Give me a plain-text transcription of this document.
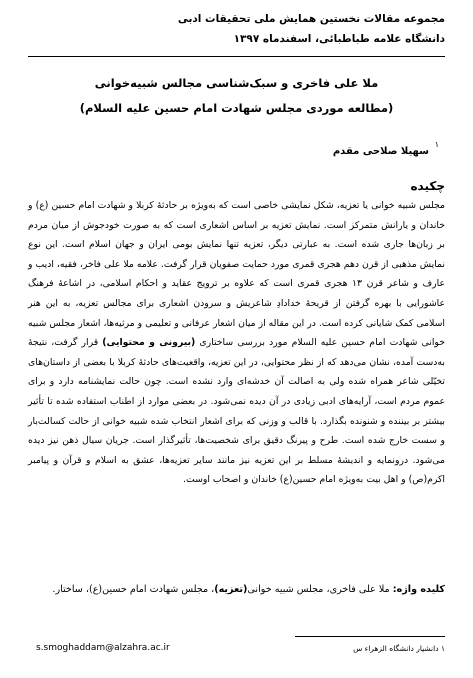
مجموعه مقالات نخستین همایش ملی تحقیقات ادبی
دانشگاه علامه طباطبائی، اسفندماه ۱۳۹۷
ملا علی فاخری و سبک‌شناسی مجالس شبیه‌خوانی
(مطالعه موردی مجلس شهادت امام حسین علیه السلام)
سهیلا صلاحی مقدم
۱
چکیده
مجلس شبیه خوانی یا تعزیه، شکل نمایشی خاصی است که به‌ویژه بر حادثهٔ کربلا و شهادت امام حسین (ع) و خاندان و یارانش متمرکز است. نمایش تعزیه بر اساس اشعاری است که به صورت خودجوش از میان مردم بر زبان‌ها جاری شده است. به عبارتی دیگر، تعزیه تنها نمایش بومی ایران و جهان اسلام است. این نوع نمایش مذهبی از قرن دهم هجری قمری مورد حمایت صفویان قرار گرفت. علامه ملا علی فاخر، فقیه، ادیب و عارف و شاعر قرن ۱۳ هجری قمری است که علاوه بر ترویج عقاید و احکام اسلامی، در اشاعهٔ فرهنگ عاشورایی با بهره گرفتن از قریحهٔ خدادادِ شاعریش و سرودن اشعاری برای مجالس تعزیه، به این هنر اسلامی کمک شایانی کرده است. در این مقاله از میان اشعار عرفانی و تعلیمی و مرثیه‌ها، اشعار مجلس شبیه خوانی شهادت امام حسین علیه السلام مورد بررسی ساختاری (بیرونی و محتوایی) قرار گرفت، نتیجهٔ به‌دست آمده، نشان می‌دهد که از نظر محتوایی، در این تعزیه، واقعیت‌های حادثهٔ کربلا با بعضی از داستان‌های تخیّلی شاعر همراه شده ولی به اصالت آن خدشه‌ای وارد نشده است. چون حالت نمایشنامه دارد و برای عموم مردم است، آرایه‌های ادبی زیادی در آن دیده نمی‌شود. در بعضی موارد از اطناب استفاده شده تا تأثیر بیشتر بر بیننده و شنونده بگذارد. با قالب و وزنی که برای اشعار انتخاب شده شبیه خوانی از حالت کسالت‌بار و سست خارج شده است. طرح و پیرنگ دقیق برای شخصیت‌ها، تأثیرگذار است. جریان سیال ذهن نیز دیده می‌شود. درونمایه و اندیشهٔ مسلط بر این تعزیه نیز مانند سایر تعزیه‌ها، عشق به اسلام و قرآن و پیامبر اکرم(ص) و اهل بیت به‌ویژه امام حسین(ع) خاندان و اصحاب اوست.
کلیده واژه: ملا علی فاخری، مجلس شبیه خوانی(تعزیه)، مجلس شهادت امام حسین(ع)، ساختار.
۱ دانشیار دانشگاه الزهراء س
s.smoghaddam@alzahra.ac.ir
